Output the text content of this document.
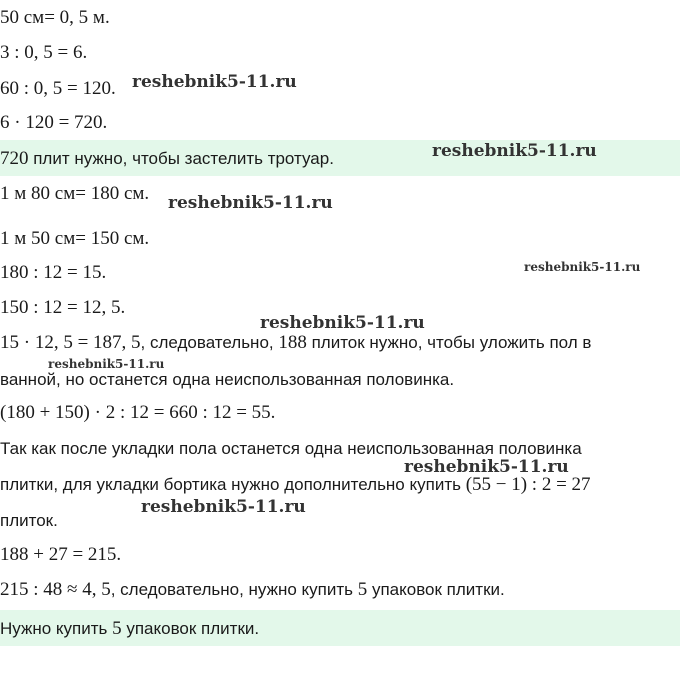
50 см= 0, 5 м.
3 : 0, 5 = 6.
60 : 0, 5 = 120.
6 · 120 = 720.
720 плит нужно, чтобы застелить тротуар.
1 м 80 см= 180 см.
1 м 50 см= 150 см.
180 : 12 = 15.
150 : 12 = 12, 5.
15 · 12, 5 = 187, 5, следовательно, 188 плиток нужно, чтобы уложить пол в
ванной, но останется одна неиспользованная половинка.
(180 + 150) · 2 : 12 = 660 : 12 = 55.
Так как после укладки пола останется одна неиспользованная половинка
плитки, для укладки бортика нужно дополнительно купить (55 − 1) : 2 = 27
плиток.
188 + 27 = 215.
215 : 48 ≈ 4, 5, следовательно, нужно купить 5 упаковок плитки.
Нужно купить 5 упаковок плитки.
reshebnik5-11.ru
reshebnik5-11.ru
reshebnik5-11.ru
reshebnik5-11.ru
reshebnik5-11.ru
reshebnik5-11.ru
reshebnik5-11.ru
reshebnik5-11.ru
